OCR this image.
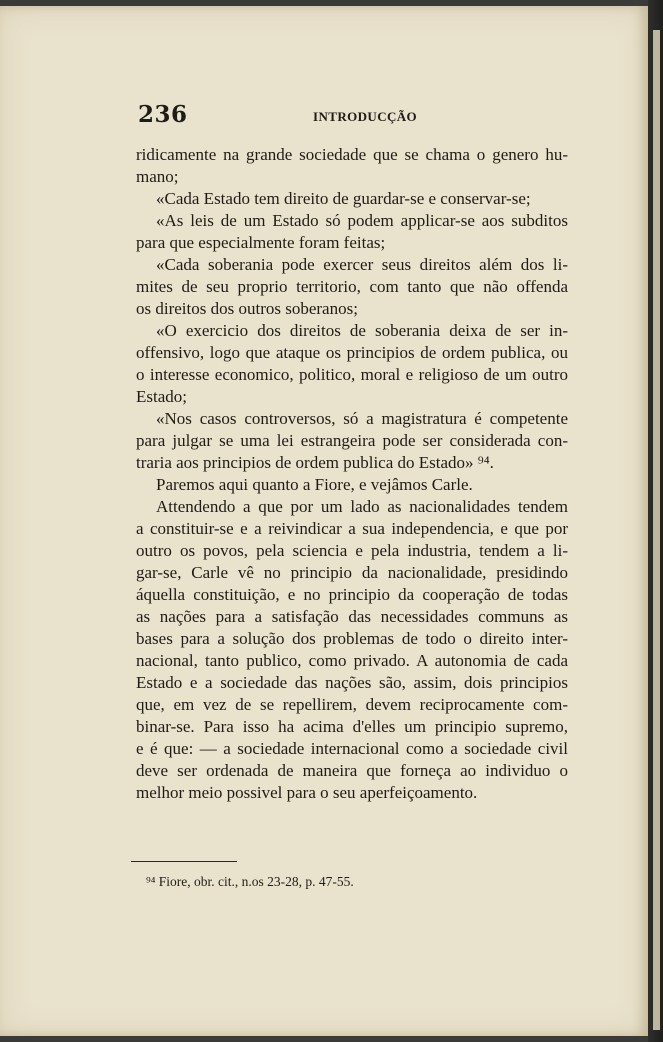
236	INTRODUCÇÃO
ridicamente na grande sociedade que se chama o genero hu-
mano;
«Cada Estado tem direito de guardar-se e conservar-se;
«As leis de um Estado só podem applicar-se aos subditos
para que especialmente foram feitas;
«Cada soberania pode exercer seus direitos além dos li-
mites de seu proprio territorio, com tanto que não offenda
os direitos dos outros soberanos;
«O exercicio dos direitos de soberania deixa de ser in-
offensivo, logo que ataque os principios de ordem publica, ou
o interesse economico, politico, moral e religioso de um outro
Estado;
«Nos casos controversos, só a magistratura é competente
para julgar se uma lei estrangeira pode ser considerada con-
traria aos principios de ordem publica do Estado» ⁹⁴.
Paremos aqui quanto a Fiore, e vejâmos Carle.
Attendendo a que por um lado as nacionalidades tendem
a constituir-se e a reivindicar a sua independencia, e que por
outro os povos, pela sciencia e pela industria, tendem a li-
gar-se, Carle vê no principio da nacionalidade, presidindo
áquella constituição, e no principio da cooperação de todas
as nações para a satisfação das necessidades communs as
bases para a solução dos problemas de todo o direito inter-
nacional, tanto publico, como privado. A autonomia de cada
Estado e a sociedade das nações são, assim, dois principios
que, em vez de se repellirem, devem reciprocamente com-
binar-se. Para isso ha acima d'elles um principio supremo,
e é que: — a sociedade internacional como a sociedade civil
deve ser ordenada de maneira que forneça ao individuo o
melhor meio possivel para o seu aperfeiçoamento.
⁹⁴ Fiore, obr. cit., n.os 23-28, p. 47-55.
